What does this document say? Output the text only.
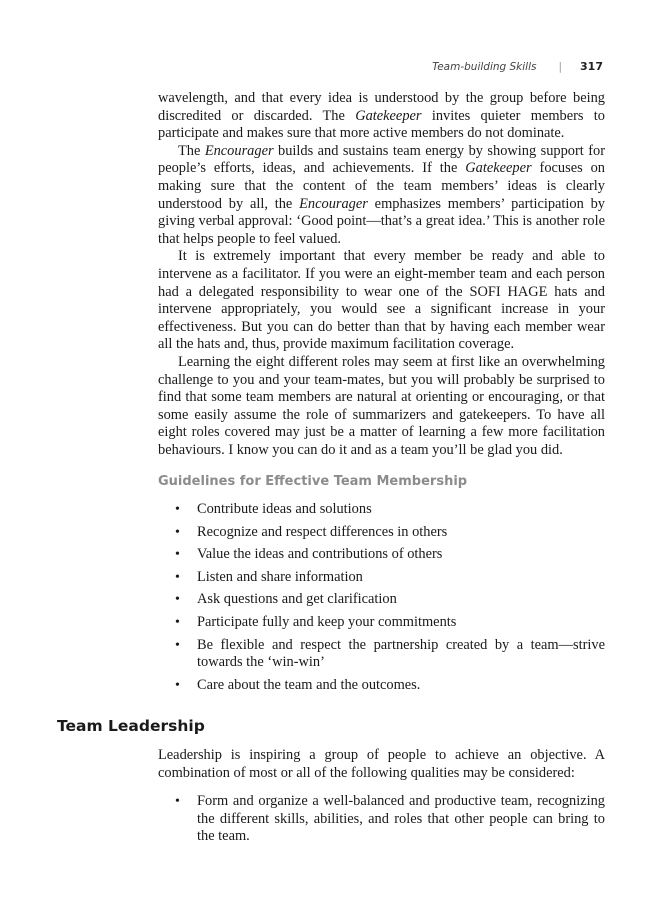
Team-building Skills | 317

wavelength, and that every idea is understood by the group before being discredited or discarded. The Gatekeeper invites quieter members to participate and makes sure that more active members do not dominate.

The Encourager builds and sustains team energy by showing support for people’s efforts, ideas, and achievements. If the Gatekeeper focuses on making sure that the content of the team members’ ideas is clearly understood by all, the Encourager emphasizes members’ participation by giving verbal approval: ‘Good point—that’s a great idea.’ This is another role that helps people to feel valued.

It is extremely important that every member be ready and able to intervene as a facilitator. If you were an eight-member team and each person had a delegated responsibility to wear one of the SOFI HAGE hats and intervene appropriately, you would see a significant increase in your effectiveness. But you can do better than that by having each member wear all the hats and, thus, provide maximum facilitation coverage.

Learning the eight different roles may seem at first like an overwhelming challenge to you and your team-mates, but you will probably be surprised to find that some team members are natural at orienting or encouraging, or that some easily assume the role of summarizers and gatekeepers. To have all eight roles covered may just be a matter of learning a few more facilitation behaviours. I know you can do it and as a team you’ll be glad you did.

Guidelines for Effective Team Membership
• Contribute ideas and solutions
• Recognize and respect differences in others
• Value the ideas and contributions of others
• Listen and share information
• Ask questions and get clarification
• Participate fully and keep your commitments
• Be flexible and respect the partnership created by a team—strive towards the ‘win-win’
• Care about the team and the outcomes.
Team Leadership

Leadership is inspiring a group of people to achieve an objective. A combination of most or all of the following qualities may be considered:

• Form and organize a well-balanced and productive team, recognizing the different skills, abilities, and roles that other people can bring to the team.
